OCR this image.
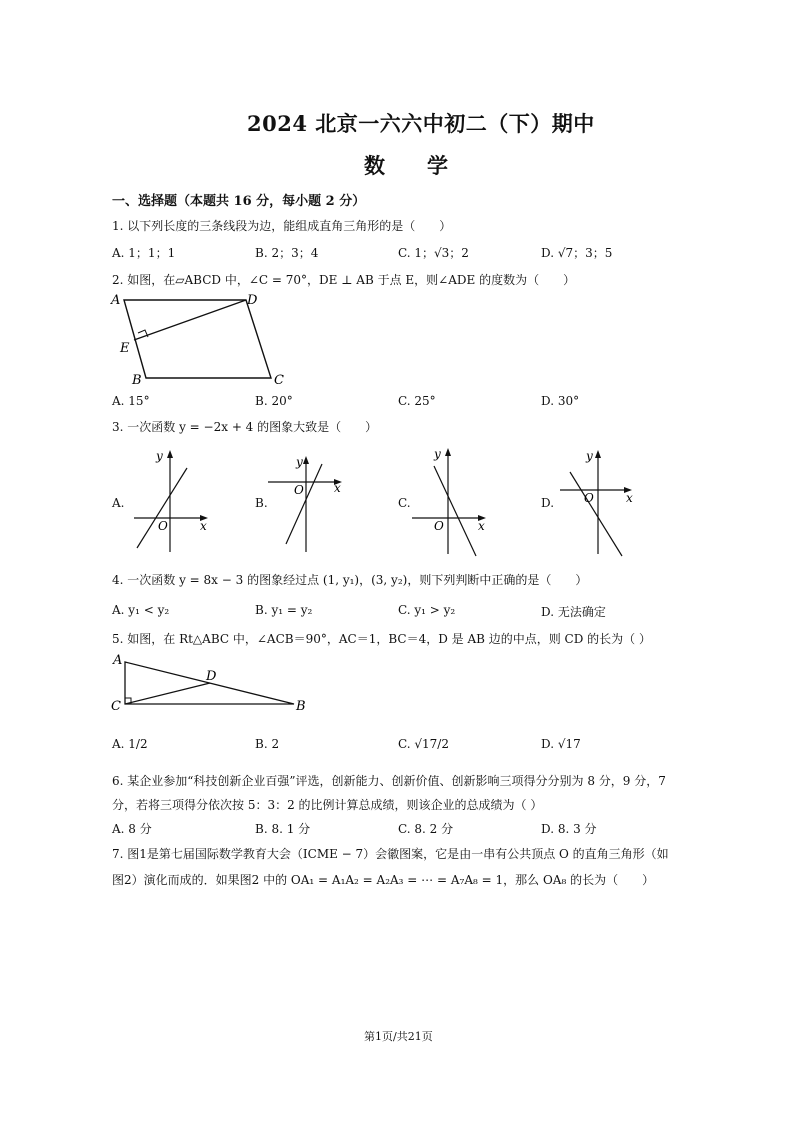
2024 北京一六六中初二（下）期中
数　　学
一、选择题（本题共 16 分，每小题 2 分）
1. 以下列长度的三条线段为边，能组成直角三角形的是（　　）
A. 1；1；1	B. 2；3；4	C. 1；√3；2	D. √7；3；5
2. 如图，在▱ABCD 中，∠C = 70°，DE ⊥ AB 于点 E，则∠ADE 的度数为（　　）
A	D
E
B	C
A. 15°	B. 20°	C. 25°	D. 30°
3. 一次函数 y = −2x + 4 的图象大致是（　　）
A.
y
x
O
B.
y
x
O
C.
y
x
O
D.
y
x
O
4. 一次函数 y = 8x − 3 的图象经过点 (1, y₁)，(3, y₂)，则下列判断中正确的是（　　）
A. y₁ < y₂	B. y₁ = y₂	C. y₁ > y₂	D. 无法确定
5. 如图，在 Rt△ABC 中，∠ACB＝90°，AC＝1，BC＝4，D 是 AB 边的中点，则 CD 的长为（ ）
A
D
C	B
A. 1/2	B. 2	C. √17/2	D. √17
6. 某企业参加“科技创新企业百强”评选，创新能力、创新价值、创新影响三项得分分别为 8 分，9 分，7
分，若将三项得分依次按 5：3：2 的比例计算总成绩，则该企业的总成绩为（ ）
A. 8 分	B. 8. 1 分	C. 8. 2 分	D. 8. 3 分
7. 图1是第七届国际数学教育大会（ICME − 7）会徽图案，它是由一串有公共顶点 O 的直角三角形（如
图2）演化而成的．如果图2 中的 OA₁ = A₁A₂ = A₂A₃ = ⋯ = A₇A₈ = 1，那么 OA₈ 的长为（　　）
第1页/共21页
